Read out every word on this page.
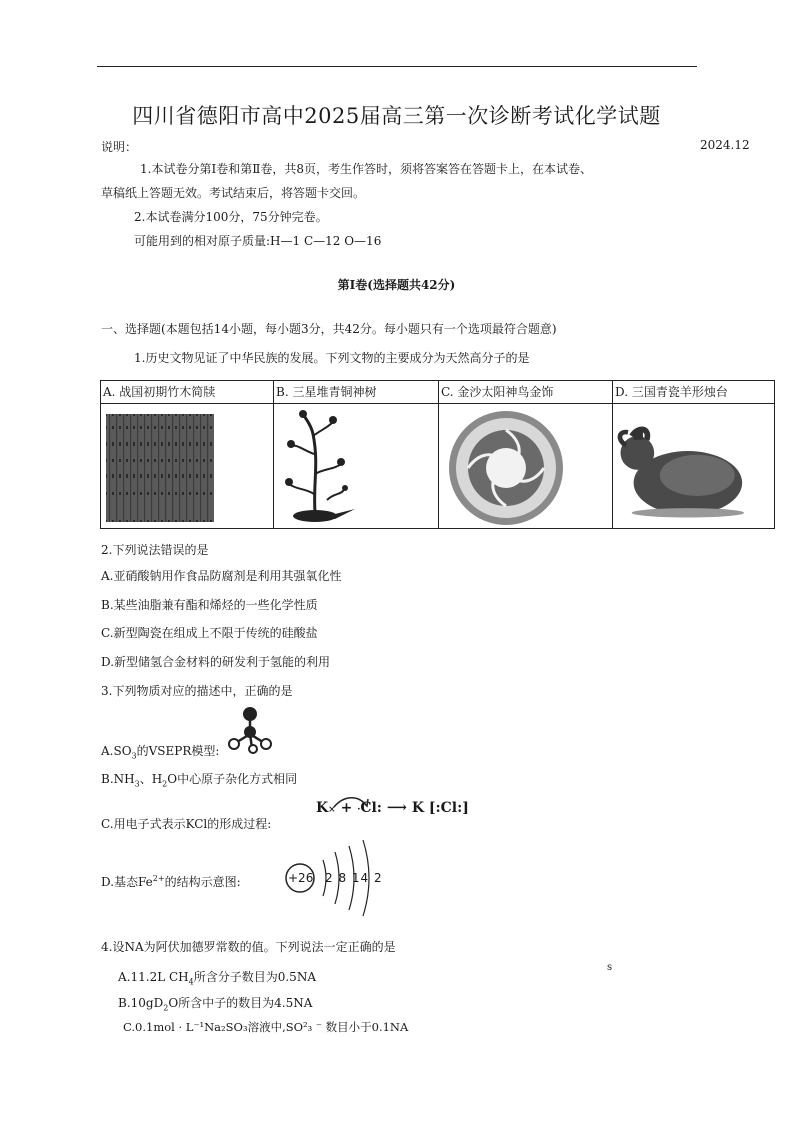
四川省德阳市高中2025届高三第一次诊断考试化学试题
说明：	2024.12
1.本试卷分第Ⅰ卷和第Ⅱ卷，共8页，考生作答时，须将答案答在答题卡上，在本试卷、
草稿纸上答题无效。考试结束后，将答题卡交回。
2.本试卷满分100分，75分钟完卷。
可能用到的相对原子质量:H—1 C—12 O—16
第Ⅰ卷(选择题共42分)
一、选择题(本题包括14小题，每小题3分，共42分。每小题只有一个选项最符合题意)
1.历史文物见证了中华民族的发展。下列文物的主要成分为天然高分子的是
A. 战国初期竹木简牍	B. 三星堆青铜神树	C. 金沙太阳神鸟金饰	D. 三国青瓷羊形烛台

2.下列说法错误的是
A.亚硝酸钠用作食品防腐剂是利用其强氧化性
B.某些油脂兼有酯和烯烃的一些化学性质
C.新型陶瓷在组成上不限于传统的硅酸盐
D.新型储氢合金材料的研发利于氢能的利用
3.下列物质对应的描述中，正确的是
$A.SO_3$的VSEPR模型:
$B.NH_3$、$H_2O$中心原子杂化方式相同
C.用电子式表示KCl的形成过程:
K× + ·Cl: ⟶ K [:Cl:]
D.基态$Fe^{2+}$的结构示意图:	+26 2 8 14 2
4.设NA为阿伏加德罗常数的值。下列说法一定正确的是
s
A.11.2L $CH_4$所含分子数目为0.5NA
$B.10gD_2O$所含中子的数目为4.5NA
C.0.1mol · L⁻¹Na₂SO₃溶液中,SO²₃ ⁻ 数目小于0.1NA
